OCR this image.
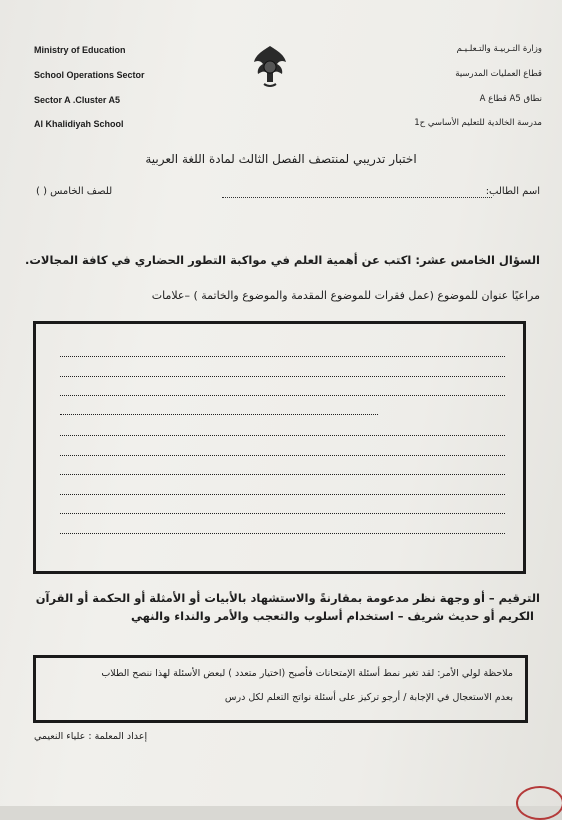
Ministry of Education
School Operations Sector
Sector A .Cluster A5
Al Khalidiyah School
وزارة التـربيـة والتـعلـيـم
قطاع العمليات المدرسية
نطاق A5 قطاع A
مدرسة الخالدية للتعليم الأساسي ح1
اختبار تدريبي لمنتصف الفصل الثالث لمادة اللغة العربية
اسم الطالب:
للصف الخامس ( )
السؤال الخامس عشر: اكتب عن أهمية العلم في مواكبة التطور الحضاري في كافة المجالات.
مراعيًا عنوان للموضوع (عمل فقرات للموضوع المقدمة والموضوع والخاتمة ) –علامات
الترقيم – أو وجهة نظر مدعومة بمقارنةً والاستشهاد بالأبيات أو الأمثلة أو الحكمة أو القرآن
الكريم أو حديث شريف – استخدام أسلوب والتعجب والأمر والنداء والنهي
ملاحظة لولي الأمر: لقد تغير نمط أسئلة الإمتحانات فأصبح (اختيار متعدد ) لبعض الأسئلة لهذا ننصح الطلاب
بعدم الاستعجال في الإجابة / أرجو تركيز على أسئلة نواتج التعلم لكل درس
إعداد المعلمة : علياء النعيمي
